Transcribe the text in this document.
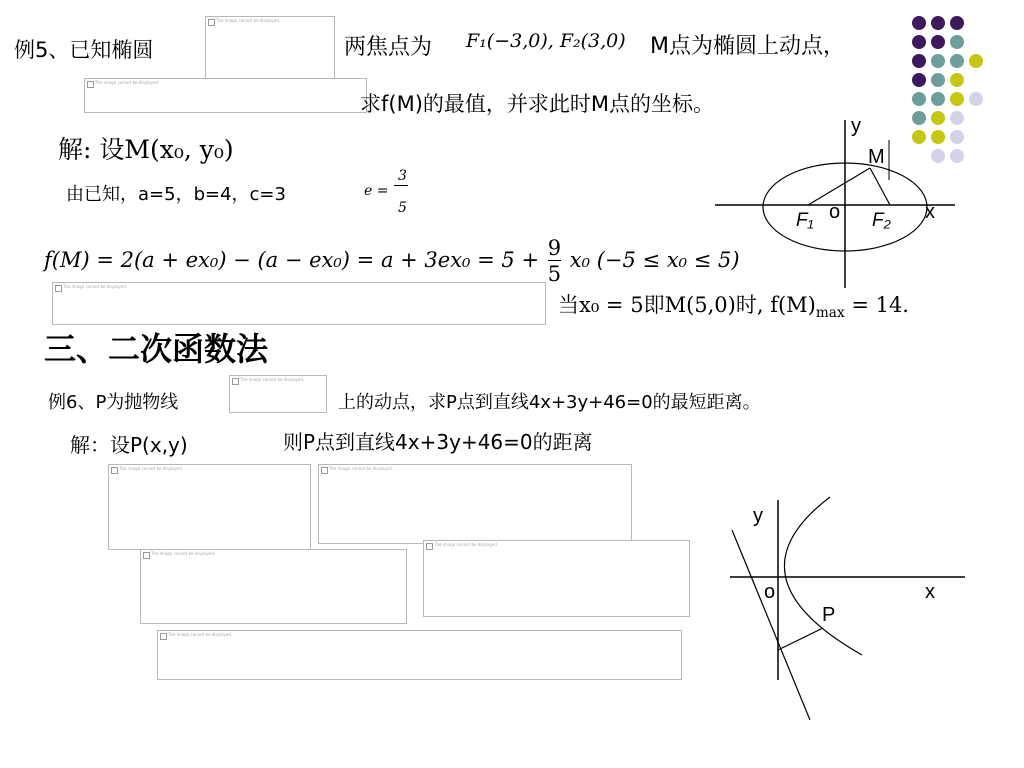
例5、已知椭圆
The image cannot be displayed.
两焦点为 F₁(−3,0), F₂(3,0) M点为椭圆上动点，
The image cannot be displayed.
求f(M)的最值，并求此时M点的坐标。
解: 设M(x₀, y₀)
由已知，a=5，b=4，c=3	e =
3
5
$f(M) = 2(a + ex_0) - (a - ex_0) = a + 3ex_0 = 5 + \frac{9}{5} x_0$ (−5 ≤ x₀ ≤ 5)
The image cannot be displayed.
当x₀ = 5即M(5,0)时, $f(M)_{max} = 14$.
y
x
o
M
F₁	F₂
三、二次函数法
例6、P为抛物线
The image cannot be displayed.
上的动点，求P点到直线4x+3y+46=0的最短距离。
解：设P(x,y)	则P点到直线4x+3y+46=0的距离
The image cannot be displayed.	The image cannot be displayed.
The image cannot be displayed.
The image cannot be displayed.
The image cannot be displayed.
y
x
o
P
